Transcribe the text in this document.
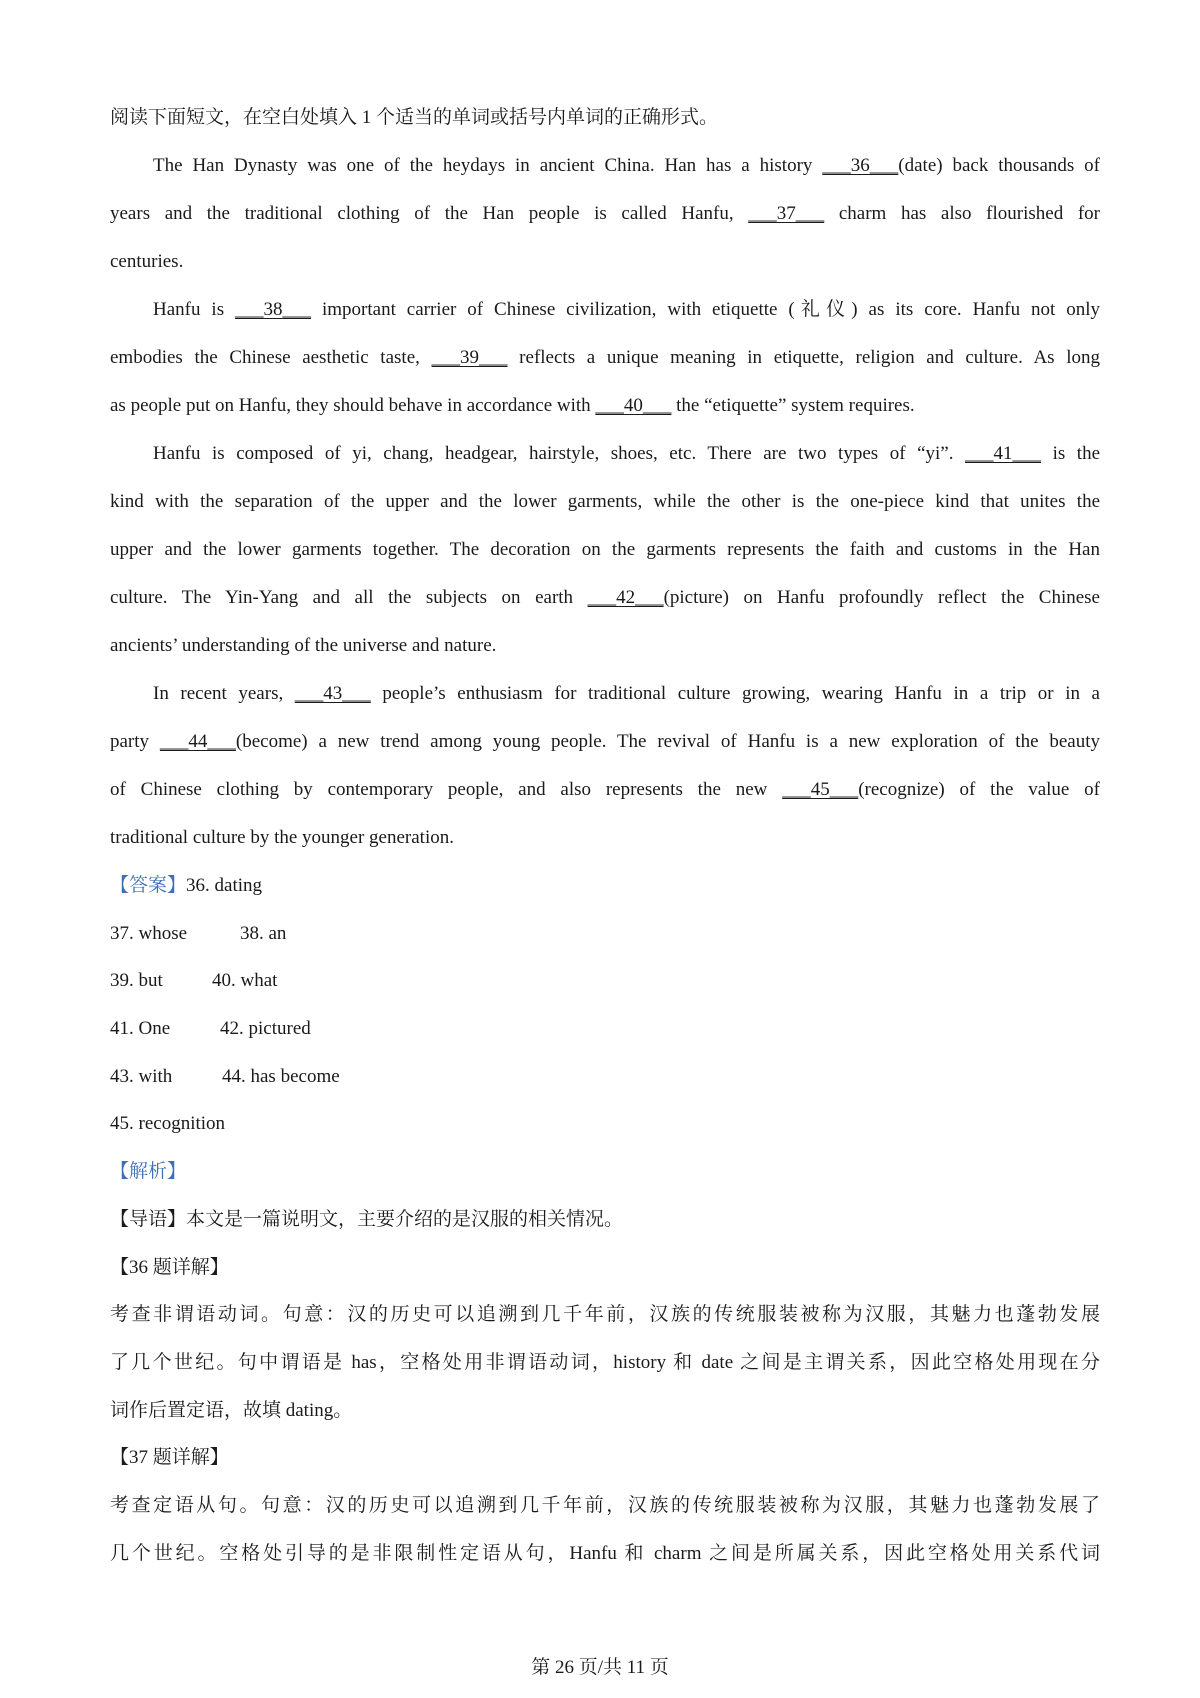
阅读下面短文，在空白处填入 1 个适当的单词或括号内单词的正确形式。
The Han Dynasty was one of the heydays in ancient China. Han has a history ___36___(date) back thousands of
years and the traditional clothing of the Han people is called Hanfu, ___37___ charm has also flourished for
centuries.
Hanfu is ___38___ important carrier of Chinese civilization, with etiquette (礼仪) as its core. Hanfu not only
embodies the Chinese aesthetic taste, ___39___ reflects a unique meaning in etiquette, religion and culture. As long
as people put on Hanfu, they should behave in accordance with ___40___ the “etiquette” system requires.
Hanfu is composed of yi, chang, headgear, hairstyle, shoes, etc. There are two types of “yi”. ___41___ is the
kind with the separation of the upper and the lower garments, while the other is the one-piece kind that unites the
upper and the lower garments together. The decoration on the garments represents the faith and customs in the Han
culture. The Yin-Yang and all the subjects on earth ___42___(picture) on Hanfu profoundly reflect the Chinese
ancients’ understanding of the universe and nature.
In recent years, ___43___ people’s enthusiasm for traditional culture growing, wearing Hanfu in a trip or in a
party ___44___(become) a new trend among young people. The revival of Hanfu is a new exploration of the beauty
of Chinese clothing by contemporary people, and also represents the new ___45___(recognize) of the value of
traditional culture by the younger generation.
【答案】36. dating
37. whose	38. an
39. but	40. what
41. One	42. pictured
43. with	44. has become
45. recognition
【解析】
【导语】本文是一篇说明文，主要介绍的是汉服的相关情况。
【36 题详解】
考查非谓语动词。句意：汉的历史可以追溯到几千年前，汉族的传统服装被称为汉服，其魅力也蓬勃发展
了几个世纪。句中谓语是 has，空格处用非谓语动词，history 和 date 之间是主谓关系，因此空格处用现在分
词作后置定语，故填 dating。
【37 题详解】
考查定语从句。句意：汉的历史可以追溯到几千年前，汉族的传统服装被称为汉服，其魅力也蓬勃发展了
几个世纪。空格处引导的是非限制性定语从句，Hanfu 和 charm 之间是所属关系，因此空格处用关系代词
第 26 页/共 11 页
